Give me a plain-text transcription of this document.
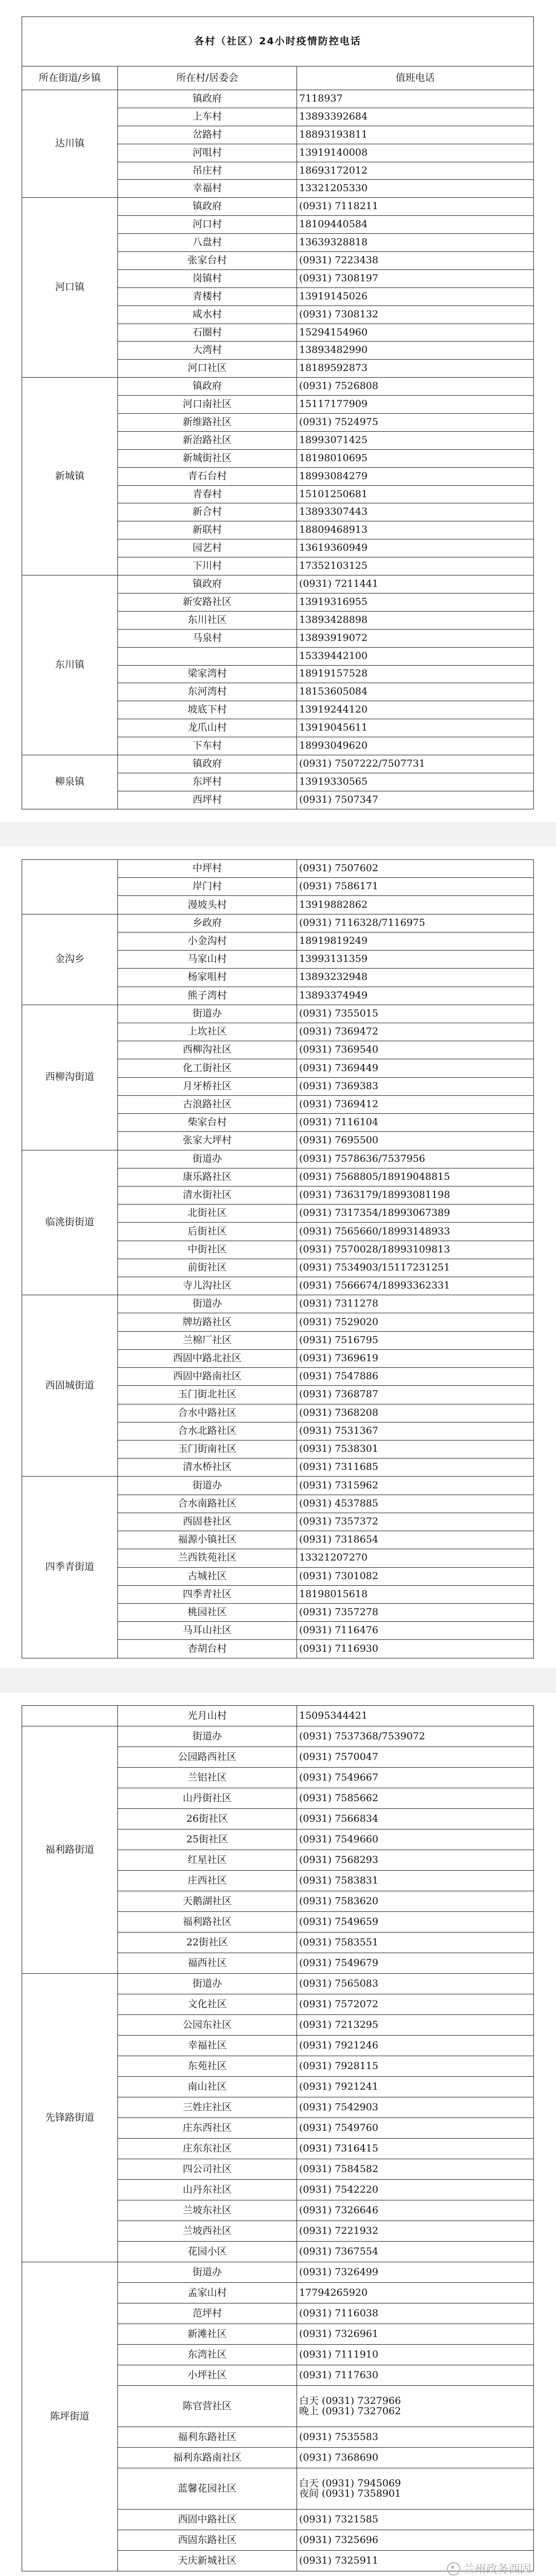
各村（社区）24小时疫情防控电话		
所在街道/乡镇	所在村/居委会	值班电话
达川镇	镇政府	7118937
	上车村	13893392684
	岔路村	18893193811
	河咀村	13919140008
	吊庄村	18693172012
	幸福村	13321205330
河口镇	镇政府	(0931) 7118211
	河口村	18109440584
	八盘村	13639328818
	张家台村	(0931) 7223438
	岗镇村	(0931) 7308197
	青楼村	13919145026
	咸水村	(0931) 7308132
	石圈村	15294154960
	大湾村	13893482990
	河口社区	18189592873
新城镇	镇政府	(0931) 7526808
	河口南社区	15117177909
	新维路社区	(0931) 7524975
	新治路社区	18993071425
	新城街社区	18198010695
	青石台村	18993084279
	青春村	15101250681
	新合村	13893307443
	新联村	18809468913
	园艺村	13619360949
	下川村	17352103125
东川镇	镇政府	(0931) 7211441
	新安路社区	13919316955
	东川社区	13893428898
	马泉村	13893919072
		15339442100
	梁家湾村	18919157528
	东河湾村	18153605084
	坡底下村	13919244120
	龙爪山村	13919045611
	下车村	18993049620
柳泉镇	镇政府	(0931) 7507222/7507731
	东坪村	13919330565
	西坪村	(0931) 7507347
	中坪村	(0931) 7507602
	岸门村	(0931) 7586171
	漫坡头村	13919882862
金沟乡	乡政府	(0931) 7116328/7116975
	小金沟村	18919819249
	马家山村	13993131359
	杨家咀村	13893232948
	熊子湾村	13893374949
西柳沟街道	街道办	(0931) 7355015
	上坎社区	(0931) 7369472
	西柳沟社区	(0931) 7369540
	化工街社区	(0931) 7369449
	月牙桥社区	(0931) 7369383
	古浪路社区	(0931) 7369412
	柴家台村	(0931) 7116104
	张家大坪村	(0931) 7695500
临洮街街道	街道办	(0931) 7578636/7537956
	康乐路社区	(0931) 7568805/18919048815
	清水街社区	(0931) 7363179/18993081198
	北街社区	(0931) 7317354/18993067389
	后街社区	(0931) 7565660/18993148933
	中街社区	(0931) 7570028/18993109813
	前街社区	(0931) 7534903/15117231251
	寺儿沟社区	(0931) 7566674/18993362331
西固城街道	街道办	(0931) 7311278
	牌坊路社区	(0931) 7529020
	兰棉厂社区	(0931) 7516795
	西固中路北社区	(0931) 7369619
	西固中路南社区	(0931) 7547886
	玉门街北社区	(0931) 7368787
	合水中路社区	(0931) 7368208
	合水北路社区	(0931) 7531367
	玉门街南社区	(0931) 7538301
	清水桥社区	(0931) 7311685
四季青街道	街道办	(0931) 7315962
	合水南路社区	(0931) 4537885
	西固巷社区	(0931) 7357372
	福源小镇社区	(0931) 7318654
	兰西铁苑社区	13321207270
	古城社区	(0931) 7301082
	四季青社区	18198015618
	桃园社区	(0931) 7357278
	马耳山社区	(0931) 7116476
	杏胡台村	(0931) 7116930
	光月山村	15095344421
福利路街道	街道办	(0931) 7537368/7539072
	公园路西社区	(0931) 7570047
	兰铝社区	(0931) 7549667
	山丹街社区	(0931) 7585662
	26街社区	(0931) 7566834
	25街社区	(0931) 7549660
	红星社区	(0931) 7568293
	庄西社区	(0931) 7583831
	天鹅湖社区	(0931) 7583620
	福利路社区	(0931) 7549659
	22街社区	(0931) 7583551
	福西社区	(0931) 7549679
先锋路街道	街道办	(0931) 7565083
	文化社区	(0931) 7572072
	公园东社区	(0931) 7213295
	幸福社区	(0931) 7921246
	东苑社区	(0931) 7928115
	南山社区	(0931) 7921241
	三姓庄社区	(0931) 7542903
	庄东西社区	(0931) 7549760
	庄东东社区	(0931) 7316415
	四公司社区	(0931) 7584582
	山丹东社区	(0931) 7542220
	兰坡东社区	(0931) 7326646
	兰坡西社区	(0931) 7221932
	花园小区	(0931) 7367554
陈坪街道	街道办	(0931) 7326499
	孟家山村	17794265920
	范坪村	(0931) 7116038
	新滩社区	(0931) 7326961
	东湾社区	(0931) 7111910
	小坪社区	(0931) 7117630
	陈官营社区	白天 (0931) 7327966
晚上 (0931) 7327062

	福利东路社区	(0931) 7535583
	福利东路南社区	(0931) 7368690
	蓝馨花园社区	白天 (0931) 7945069
夜间 (0931) 7358901

	西固中路社区	(0931) 7321585
	西固东路社区	(0931) 7325696
	天庆新城社区	(0931) 7325911
兰州政务西固
